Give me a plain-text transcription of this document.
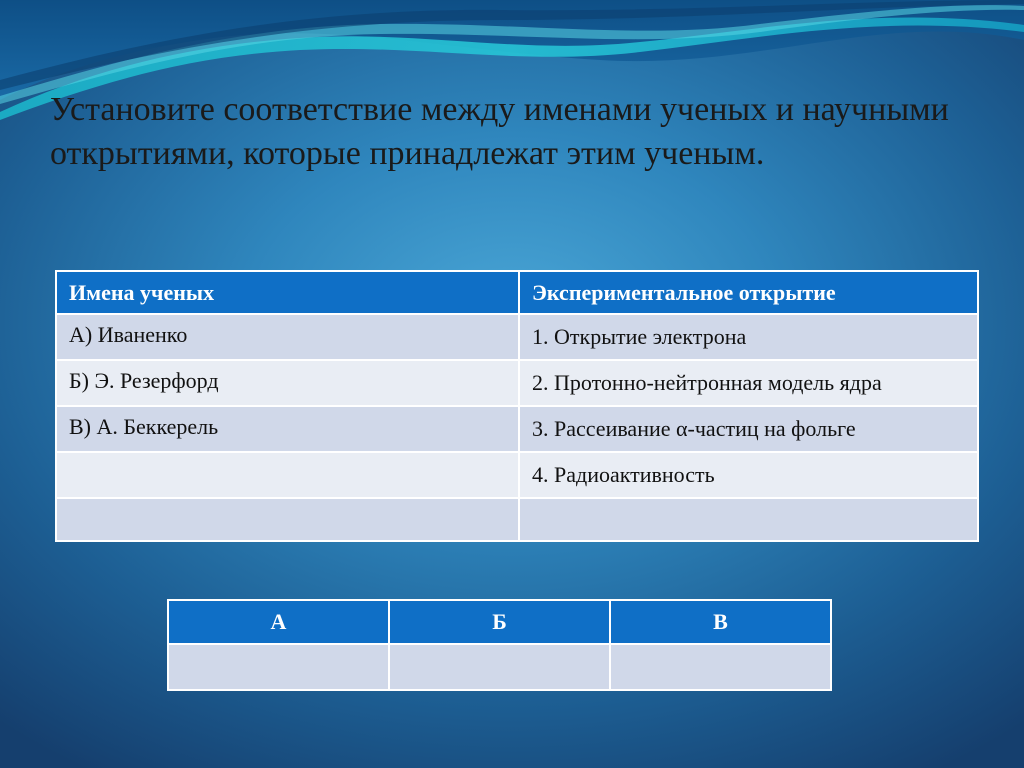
Установите соответствие между именами ученых и научными открытиями, которые принадлежат этим ученым.
Имена ученых	Экспериментальное открытие
А) Иваненко	1. Открытие электрона
Б) Э. Резерфорд	2. Протонно-нейтронная модель ядра
В) А. Беккерель	3. Рассеивание α-частиц на фольге
	4. Радиоактивность

А	Б	В
